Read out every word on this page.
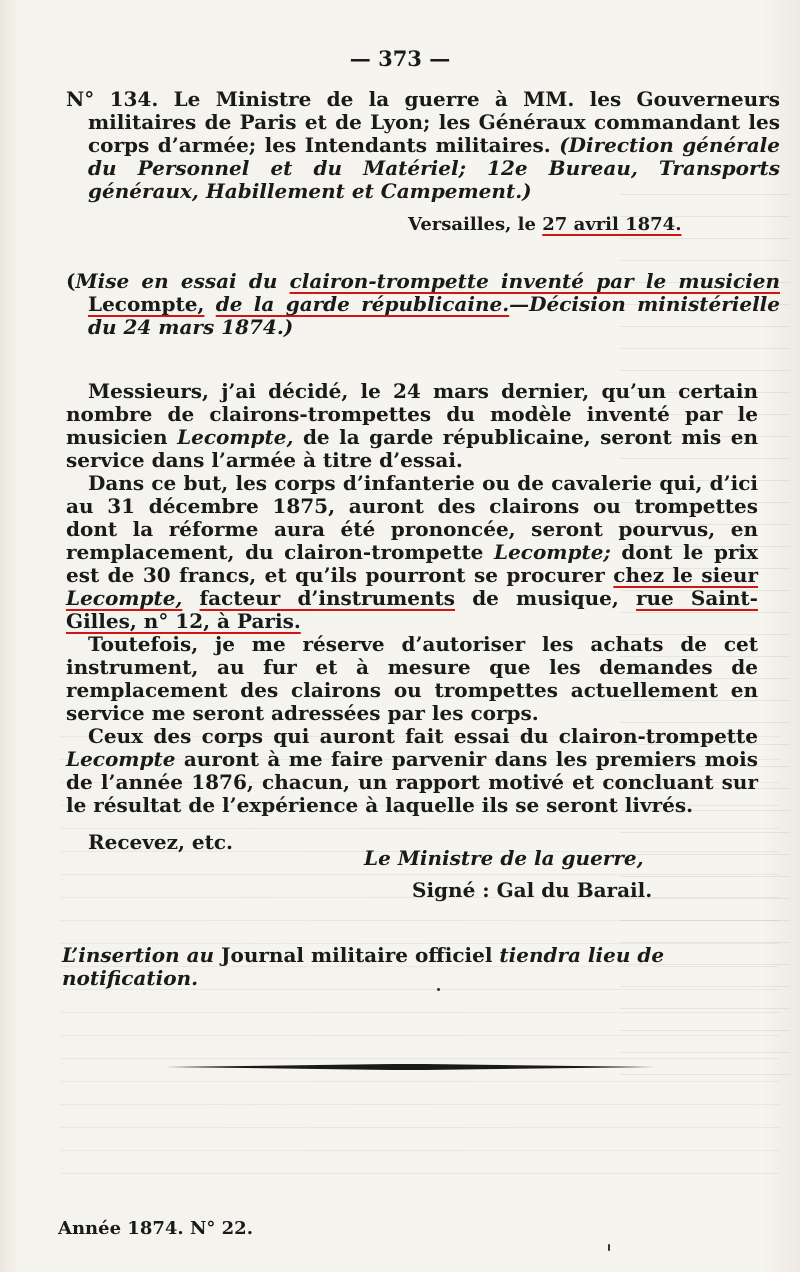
— 373 —
N° 134. Le Ministre de la guerre à MM. les Gouverneurs militaires de Paris et de Lyon; les Généraux commandant les corps d’armée; les Intendants militaires. (Direction générale du Personnel et du Matériel; 12e Bureau, Transports généraux, Habillement et Campement.)
Versailles, le 27 avril 1874.
(Mise en essai du clairon-trompette inventé par le musicien Lecompte, de la garde républicaine.—Décision ministérielle du 24 mars 1874.)
Messieurs, j’ai décidé, le 24 mars dernier, qu’un certain nombre de clairons-trompettes du modèle inventé par le musicien Lecompte, de la garde républicaine, seront mis en service dans l’armée à titre d’essai.
Dans ce but, les corps d’infanterie ou de cavalerie qui, d’ici au 31 décembre 1875, auront des clairons ou trompettes dont la réforme aura été prononcée, seront pourvus, en remplacement, du clairon-trompette Lecompte; dont le prix est de 30 francs, et qu’ils pourront se procurer chez le sieur Lecompte, facteur d’instruments de musique, rue Saint-Gilles, n° 12, à Paris.
Toutefois, je me réserve d’autoriser les achats de cet instrument, au fur et à mesure que les demandes de remplacement des clairons ou trompettes actuellement en service me seront adressées par les corps.
Ceux des corps qui auront fait essai du clairon-trompette Lecompte auront à me faire parvenir dans les premiers mois de l’année 1876, chacun, un rapport motivé et concluant sur le résultat de l’expérience à laquelle ils se seront livrés.
Recevez, etc.
Le Ministre de la guerre,
Signé : Gal du Barail.
L’insertion au Journal militaire officiel tiendra lieu de notification.
Année 1874. N° 22.
